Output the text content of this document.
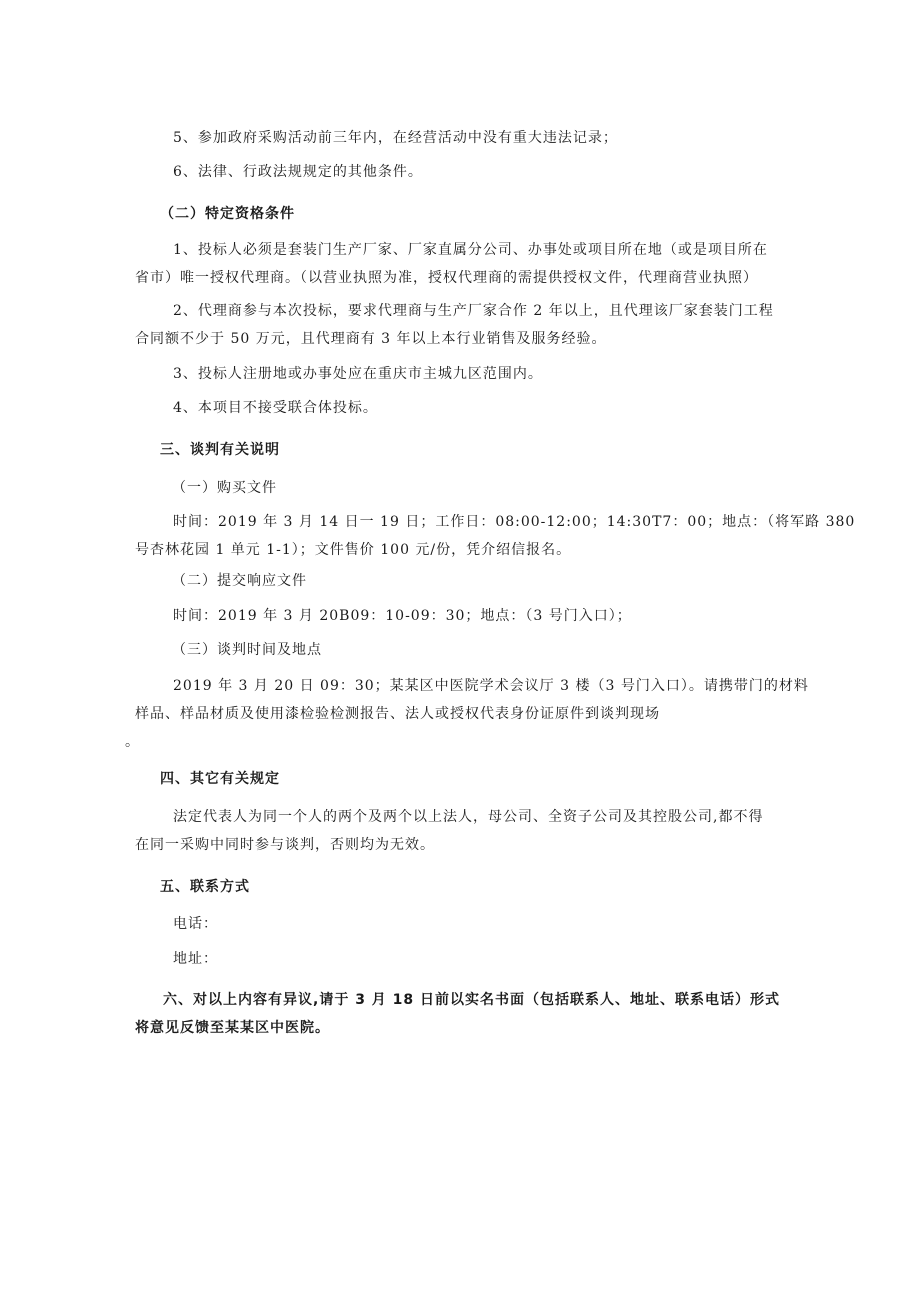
5、参加政府采购活动前三年内，在经营活动中没有重大违法记录；
6、法律、行政法规规定的其他条件。
（二）特定资格条件
1、投标人必须是套装门生产厂家、厂家直属分公司、办事处或项目所在地（或是项目所在
省市）唯一授权代理商。（以营业执照为准，授权代理商的需提供授权文件，代理商营业执照）
2、代理商参与本次投标，要求代理商与生产厂家合作 2 年以上，且代理该厂家套装门工程
合同额不少于 50 万元，且代理商有 3 年以上本行业销售及服务经验。
3、投标人注册地或办事处应在重庆市主城九区范围内。
4、本项目不接受联合体投标。
三、谈判有关说明
（一）购买文件
时间：2019 年 3 月 14 日一 19 日；工作日：08:00-12:00；14:30T7：00；地点：（将军路 380
号杏林花园 1 单元 1-1）；文件售价 100 元/份，凭介绍信报名。
（二）提交响应文件
时间：2019 年 3 月 20B09：10-09：30；地点：（3 号门入口）；
（三）谈判时间及地点
2019 年 3 月 20 日 09：30；某某区中医院学术会议厅 3 楼（3 号门入口）。请携带门的材料
样品、样品材质及使用漆检验检测报告、法人或授权代表身份证原件到谈判现场
。
四、其它有关规定
法定代表人为同一个人的两个及两个以上法人，母公司、全资子公司及其控股公司,都不得
在同一采购中同时参与谈判，否则均为无效。
五、联系方式
电话：
地址：
六、对以上内容有异议,请于 3 月 18 日前以实名书面（包括联系人、地址、联系电话）形式
将意见反馈至某某区中医院。
